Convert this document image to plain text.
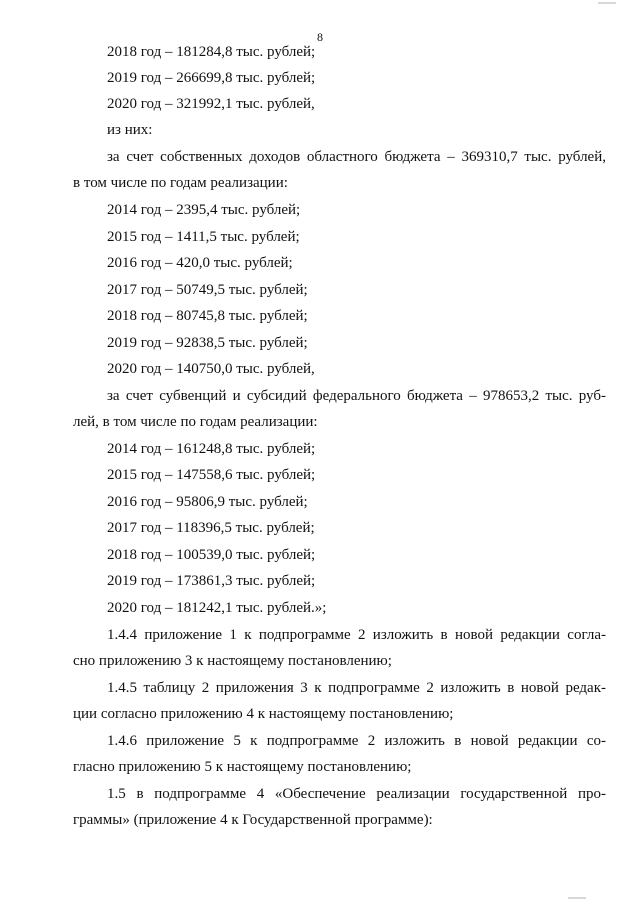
8
2018 год – 181284,8 тыс. рублей;
2019 год – 266699,8 тыс. рублей;
2020 год – 321992,1 тыс. рублей,
из них:
за счет собственных доходов областного бюджета – 369310,7 тыс. рублей,
в том числе по годам реализации:
2014 год – 2395,4 тыс. рублей;
2015 год – 1411,5 тыс. рублей;
2016 год – 420,0 тыс. рублей;
2017 год – 50749,5 тыс. рублей;
2018 год – 80745,8 тыс. рублей;
2019 год – 92838,5 тыс. рублей;
2020 год – 140750,0 тыс. рублей,
за счет субвенций и субсидий федерального бюджета – 978653,2 тыс. руб-
лей, в том числе по годам реализации:
2014 год – 161248,8 тыс. рублей;
2015 год – 147558,6 тыс. рублей;
2016 год – 95806,9 тыс. рублей;
2017 год – 118396,5 тыс. рублей;
2018 год – 100539,0 тыс. рублей;
2019 год – 173861,3 тыс. рублей;
2020 год – 181242,1 тыс. рублей.»;
1.4.4 приложение 1 к подпрограмме 2 изложить в новой редакции согла-
сно приложению 3 к настоящему постановлению;
1.4.5 таблицу 2 приложения 3 к подпрограмме 2 изложить в новой редак-
ции согласно приложению 4 к настоящему постановлению;
1.4.6 приложение 5 к подпрограмме 2 изложить в новой редакции со-
гласно приложению 5 к настоящему постановлению;
1.5 в подпрограмме 4 «Обеспечение реализации государственной про-
граммы» (приложение 4 к Государственной программе):
